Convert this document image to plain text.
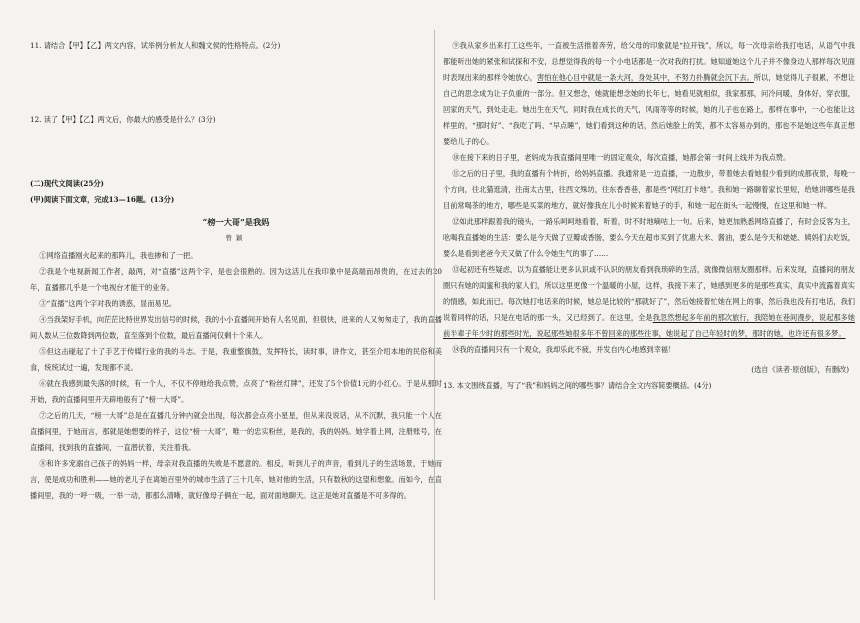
11. 请结合【甲】【乙】两文内容，试举例分析友人和魏文侯的性格特点。(2分)

12. 读了【甲】【乙】两文后，你最大的感受是什么？(3分)

(二)现代文阅读(25分)

(甲)阅读下面文章，完成13—16题。(13分)

“榜一大哥”是我妈

曾颖

①网络直播刚火起来的那阵儿，我也掺和了一把。

②我是个电视新闻工作者，敲两，对“直播”这两个字，是也会很熟的。因为这活儿在我印象中是高端而昂贵的，在过去的20年，直播都几乎是一个电视台才能干的业务。

③“直播”这两个字对我的诱惑，显而易见。

④当我架好手机，向茫茫比特世界发出信号的时候，我的小小直播间开始有人名见面，但很快，进来的人又匆匆走了，我的直播间人数从三位数降到两位数，直至落到个位数，最后直播间仅剩十个来人。

⑤但这击碰起了十了手艺于传媒行业的我的斗志。于是，我重整旗鼓，发挥特长，读时事，讲作文，甚至介绍本地的民俗和美食，统统试过一遍，发现都不灵。

⑥就在我感到最失落的时候，有一个人，不仅不停地给我点赞，点亮了“粉丝灯牌”，还发了5个价值1元的小红心。于是从那时开始，我的直播间里开天辟地般有了“榜一大哥”。

⑦之后的几天，“榜一大哥”总是在直播几分钟内就会出现，每次都会点亮小星星，但从来没说话，从不沉默，我只能一个人在直播间里，于她而言，那就是她想要的样子，这位“榜一大哥”，唯一的忠实粉丝，是我的，我的妈妈。她学着上网，注册账号，在直播间，找到我的直播间，一直潜伏着，关注着我。

⑧和许多宠溺自己孩子的妈妈一样，母亲对我直播的失败是不愿意的。相反，听到儿子的声音，看到儿子的生活场景，于她而言，使是成功和胜利——她的老儿子在离她百里外的城市生活了三十几年，她对他的生活，只有数秋的这望和想象。而如今，在直播间里，我的一呼一吸，一举一动，都那么清晰，就好像母子俩在一起，面对面地聊天。这正是她对直播是不可多得的。

⑨我从家乡出来打工这些年，一直被生活推着奔劳，给父母的印象就是“拉开钱”，所以，每一次母亲给我打电话，从语气中我都能听出她的紧张和试探和不安，总想觉得我的每一个小电话都是一次对我的打扰。她知道她这个儿子并不像身边人那样每次见面时表现出来的那样令她放心，害怕在他心目中就是一条大河，身处其中，不努力扑腾就会沉下去。所以，她觉得儿子很累，不想让自己的思念成为让子负重的一部分。但又想念，她就能想念她的长年七，她看见就相似，我家那那，问冷问暖，身体好，穿衣服，回家的天气，到处走走。她出生在天气，同时我在成长的天气，风雨等等的时候，她的儿子也在路上，那样在事中，一心也能让这样里的，“那时好”、“我吃了吗、“早点睡”，她们看到这种的话，然后她脸上的笑，都不太容易办到的，那也不是她这些年真正想要给儿子的心。

⑩在接下来的日子里，老妈成为我直播间里唯一的固定观众，每次直播，她都会第一时间上线并为我点赞。

⑪之后的日子里，我的直播有个转折，给妈妈直播。我通常是一边直播，一边散步，带着她去看她很少看到的成都夜景，每晚一个方向，往北猫逛清，往南太古里，往西文殊坊，往东香香巷，都是些“网红打卡地”。我和她一路聊着家长里短，给她讲哪些是我目前常喝茶的地方，哪些是买菜的地方，就好像我在儿小时候来着她子的手，和她一起在街头一起慢慢，在这里和她一样。

⑫如此那样跟着我的镜头，一路乐呵呵地看着，听着，时不时地嘀咕上一句。后来，她更加熟悉网络直播了，有时会反客为主，吆喝我直播她的生活：要么是今天做了豆瓣或香肠，要么今天在超市买到了优惠大米、酱油，要么是今天和姥姥、姨妈们去吃饭，要么是看到老爸今天又做了什么令她生气的事了……

⑬起初还有些疑虑，以为直播能让更多认识或不认识的朋友看到我琐碎的生活，就像微信朋友圈那样。后来发现，直播间的朋友圈只有她的闺蜜和我的家人们，所以这里更像一个温暖的小屋，这样，我接下来了，她感到更多的是那些真实，真实中流露着真实的情感，如此而已。每次她打电话来的时候，她总是比较的“那就好了”，然后她接着忙她在网上的事，然后我也没有打电话，我们说着同样的话，只是在电话的那一头，又已经到了。在这里，全是我忽然想起多年前的那次旅行，我陪她在巷间漫步，说起那多她前半辈子年少时的那些时光，说起那些她很多年不曾回来的那些往事，她说起了自己年轻时的梦，那时的她，也许还有很多梦。

⑭我的直播间只有一个观众，我却乐此不疲，并发自内心地感到幸福！

(选自《读者·原创版》，有删改)

13. 本文围绕直播，写了“我”和妈妈之间的哪些事？请结合全文内容简要概括。(4分)
